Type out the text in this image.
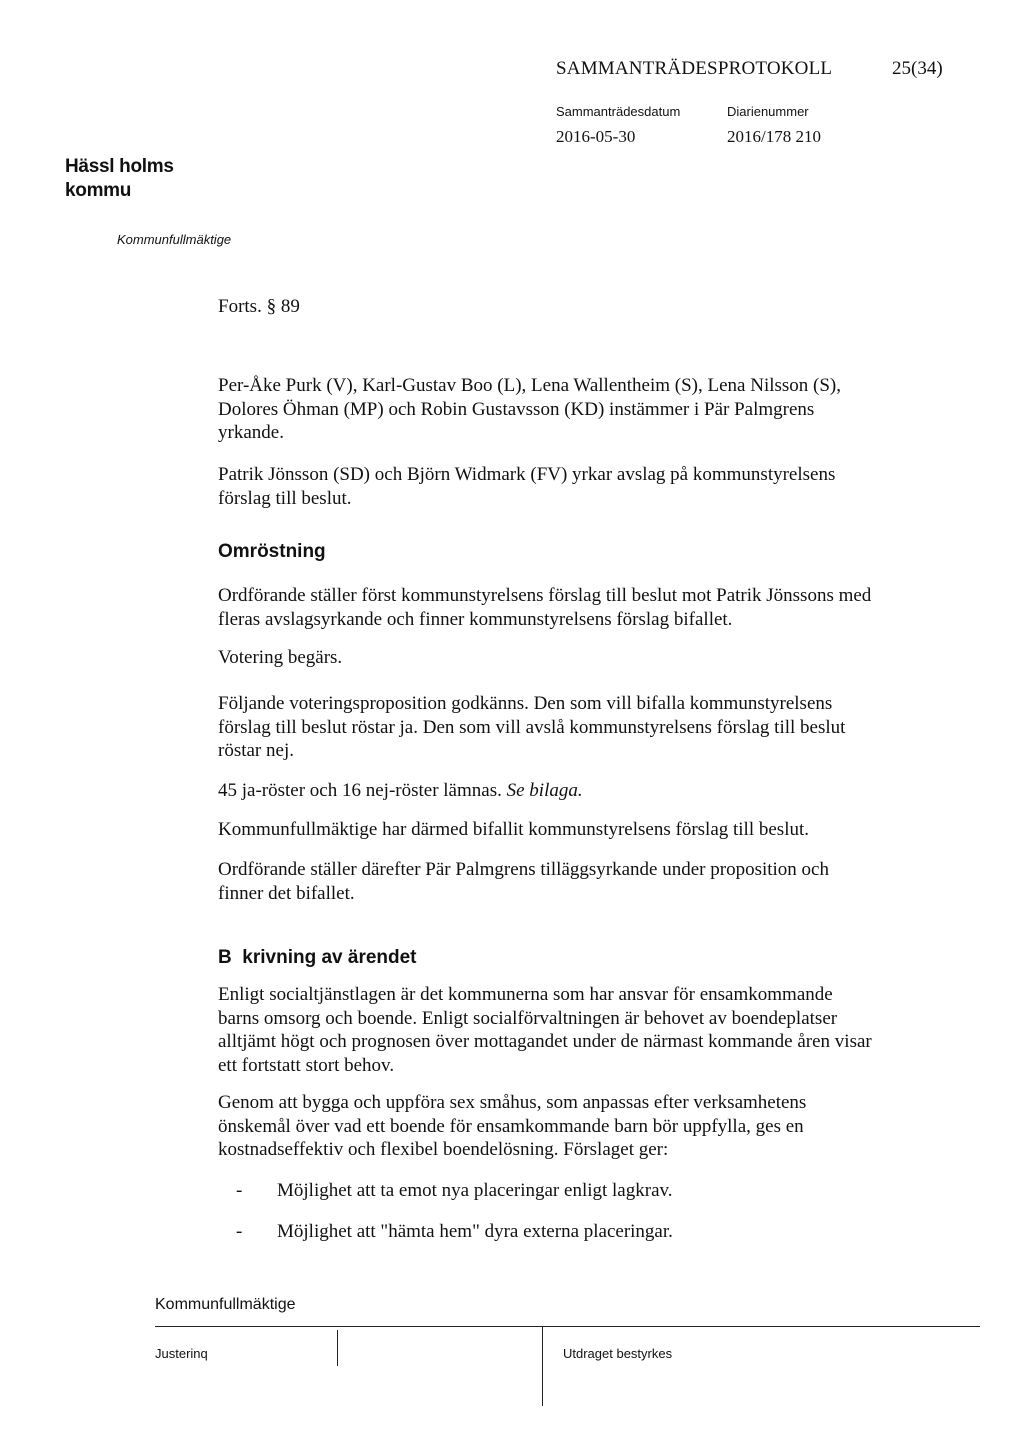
SAMMANTRÄDESPROTOKOLL	25(34)
Sammanträdesdatum
2016-05-30
Diarienummer
2016/178 210
Hässl holms
kommu
Kommunfullmäktige
Forts. § 89
Per-Åke Purk (V), Karl-Gustav Boo (L), Lena Wallentheim (S), Lena Nilsson (S), Dolores Öhman (MP) och Robin Gustavsson (KD) instämmer i Pär Palmgrens yrkande.
Patrik Jönsson (SD) och Björn Widmark (FV) yrkar avslag på kommunstyrelsens förslag till beslut.
Omröstning
Ordförande ställer först kommunstyrelsens förslag till beslut mot Patrik Jönssons med fleras avslagsyrkande och finner kommunstyrelsens förslag bifallet.
Votering begärs.
Följande voteringsproposition godkänns. Den som vill bifalla kommunstyrelsens förslag till beslut röstar ja. Den som vill avslå kommunstyrelsens förslag till beslut röstar nej.
45 ja-röster och 16 nej-röster lämnas. Se bilaga.
Kommunfullmäktige har därmed bifallit kommunstyrelsens förslag till beslut.
Ordförande ställer därefter Pär Palmgrens tilläggsyrkande under proposition och finner det bifallet.
B  krivning av ärendet
Enligt socialtjänstlagen är det kommunerna som har ansvar för ensamkommande barns omsorg och boende. Enligt socialförvaltningen är behovet av boendeplatser alltjämt högt och prognosen över mottagandet under de närmast kommande åren visar ett fortstatt stort behov.
Genom att bygga och uppföra sex småhus, som anpassas efter verksamhetens önskemål över vad ett boende för ensamkommande barn bör uppfylla, ges en kostnadseffektiv och flexibel boendelösning. Förslaget ger:
- Möjlighet att ta emot nya placeringar enligt lagkrav.
- Möjlighet att "hämta hem" dyra externa placeringar.
Kommunfullmäktige
Justerinq	Utdraget bestyrkes
